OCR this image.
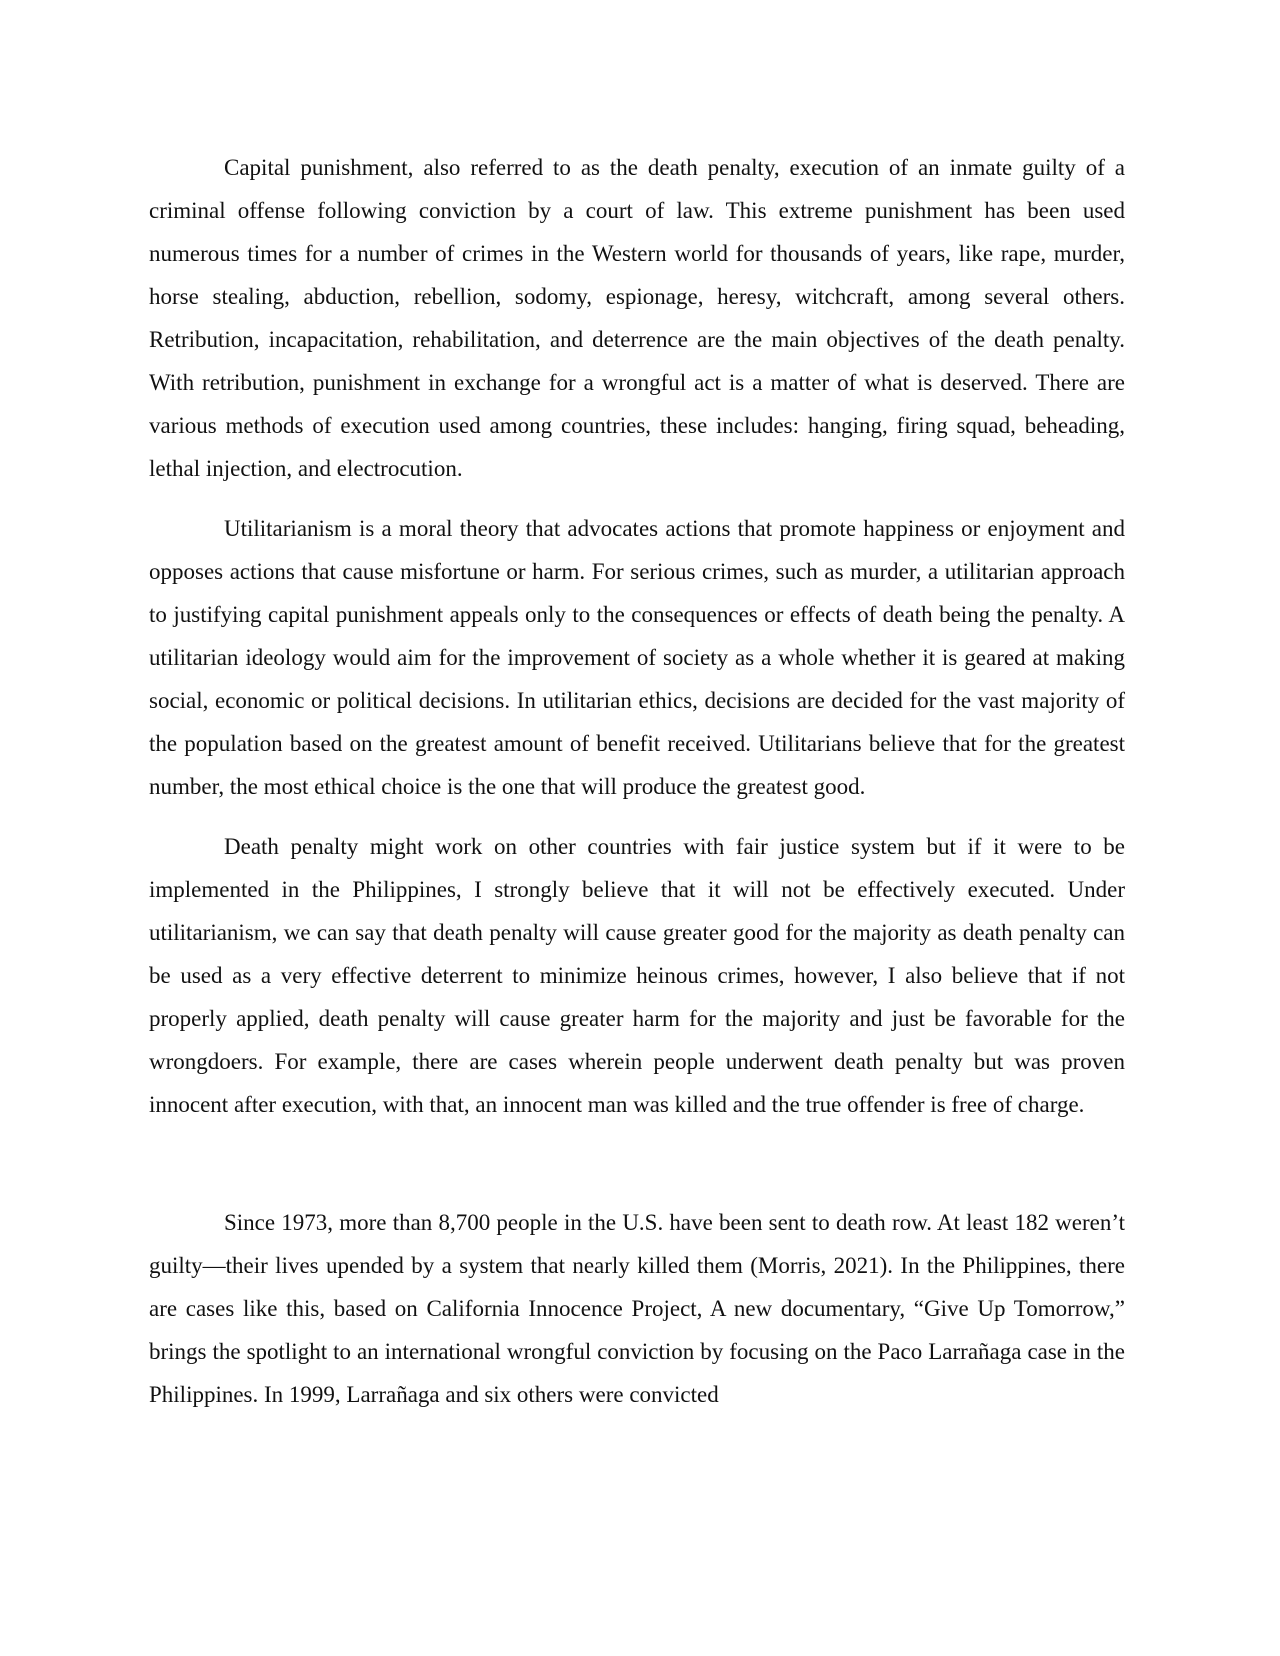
Capital punishment, also referred to as the death penalty, execution of an inmate guilty of a criminal offense following conviction by a court of law. This extreme punishment has been used numerous times for a number of crimes in the Western world for thousands of years, like rape, murder, horse stealing, abduction, rebellion, sodomy, espionage, heresy, witchcraft, among several others. Retribution, incapacitation, rehabilitation, and deterrence are the main objectives of the death penalty. With retribution, punishment in exchange for a wrongful act is a matter of what is deserved. There are various methods of execution used among countries, these includes: hanging, firing squad, beheading, lethal injection, and electrocution.

Utilitarianism is a moral theory that advocates actions that promote happiness or enjoyment and opposes actions that cause misfortune or harm. For serious crimes, such as murder, a utilitarian approach to justifying capital punishment appeals only to the consequences or effects of death being the penalty. A utilitarian ideology would aim for the improvement of society as a whole whether it is geared at making social, economic or political decisions. In utilitarian ethics, decisions are decided for the vast majority of the population based on the greatest amount of benefit received. Utilitarians believe that for the greatest number, the most ethical choice is the one that will produce the greatest good.

Death penalty might work on other countries with fair justice system but if it were to be implemented in the Philippines, I strongly believe that it will not be effectively executed. Under utilitarianism, we can say that death penalty will cause greater good for the majority as death penalty can be used as a very effective deterrent to minimize heinous crimes, however, I also believe that if not properly applied, death penalty will cause greater harm for the majority and just be favorable for the wrongdoers. For example, there are cases wherein people underwent death penalty but was proven innocent after execution, with that, an innocent man was killed and the true offender is free of charge.

Since 1973, more than 8,700 people in the U.S. have been sent to death row. At least 182 weren’t guilty—their lives upended by a system that nearly killed them (Morris, 2021). In the Philippines, there are cases like this, based on California Innocence Project, A new documentary, “Give Up Tomorrow,” brings the spotlight to an international wrongful conviction by focusing on the Paco Larrañaga case in the Philippines. In 1999, Larrañaga and six others were convicted
